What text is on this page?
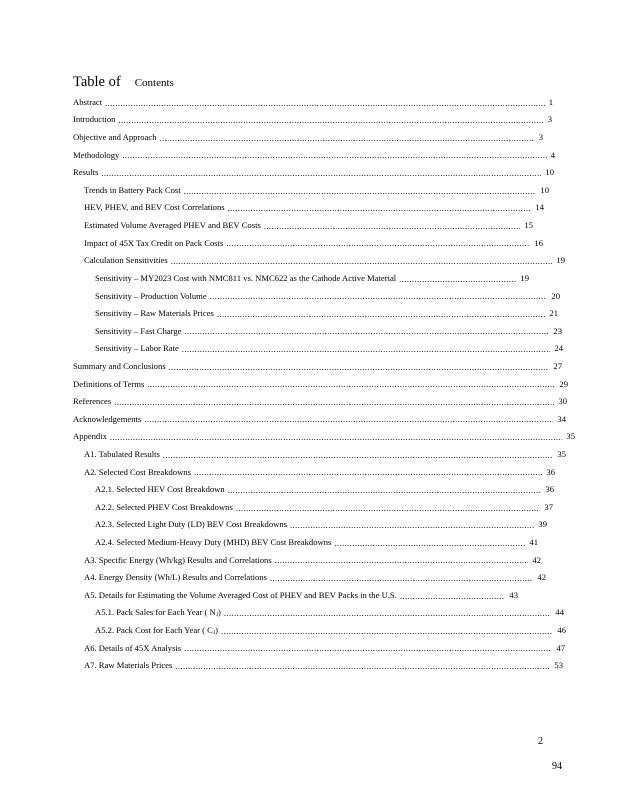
Table of Contents
Abstract .....	1
Introduction .....	3
Objective and Approach .....	3
Methodology .....	4
Results .....	10
Trends in Battery Pack Cost .....	10
HEV, PHEV, and BEV Cost Correlations .....	14
Estimated Volume Averaged PHEV and BEV Costs .....	15
Impact of 45X Tax Credit on Pack Costs .....	16
Calculation Sensitivities .....	19
Sensitivity – MY2023 Cost with NMC811 vs. NMC622 as the Cathode Active Material .....	19
Sensitivity – Production Volume .....	20
Sensitivity – Raw Materials Prices .....	21
Sensitivity – Fast Charge .....	23
Sensitivity – Labor Rate .....	24
Summary and Conclusions .....	27
Definitions of Terms .....	29
References .....	30
Acknowledgements .....	34
Appendix .....	35
A1. Tabulated Results .....	35
A2. Selected Cost Breakdowns .....	36
A2.1. Selected HEV Cost Breakdown .....	36
A2.2. Selected PHEV Cost Breakdowns .....	37
A2.3. Selected Light Duty (LD) BEV Cost Breakdowns .....	39
A2.4. Selected Medium-Heavy Duty (MHD) BEV Cost Breakdowns .....	41
A3. Specific Energy (Wh/kg) Results and Correlations .....	42
A4. Energy Density (Wh/L) Results and Correlations .....	42
A5. Details for Estimating the Volume Averaged Cost of PHEV and BEV Packs in the U.S. .....	43
A5.1. Pack Sales for Each Year ( Nⱼ) .....	44
A5.2. Pack Cost for Each Year ( Cⱼ) .....	46
A6. Details of 45X Analysis .....	47
A7. Raw Materials Prices .....	53
2
94
